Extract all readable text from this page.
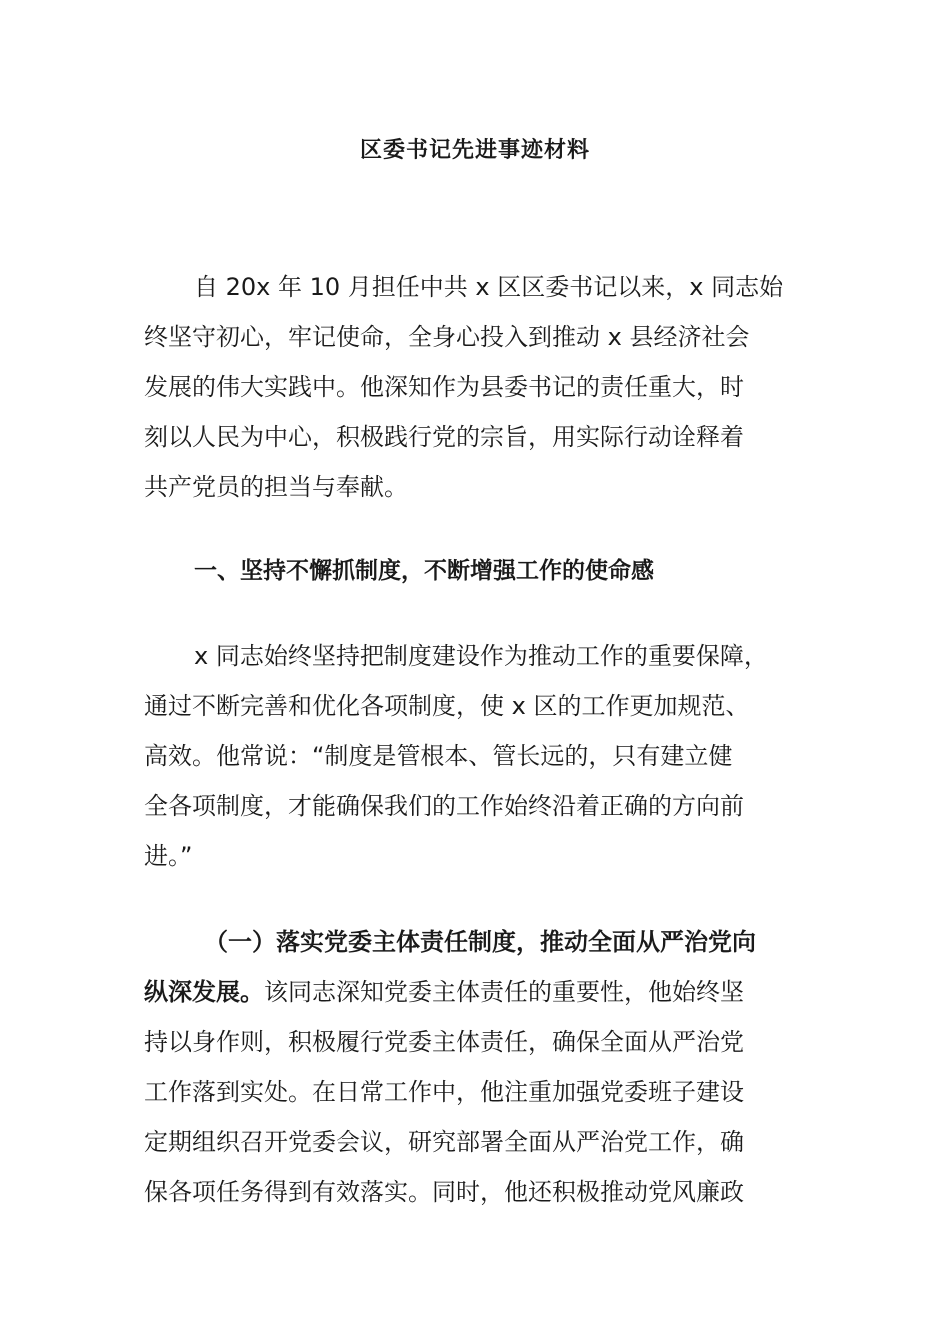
区委书记先进事迹材料
自 20x 年 10 月担任中共 x 区区委书记以来，x 同志始
终坚守初心，牢记使命，全身心投入到推动 x 县经济社会
发展的伟大实践中。他深知作为县委书记的责任重大，时
刻以人民为中心，积极践行党的宗旨，用实际行动诠释着
共产党员的担当与奉献。
一、坚持不懈抓制度，不断增强工作的使命感
x 同志始终坚持把制度建设作为推动工作的重要保障，
通过不断完善和优化各项制度，使 x 区的工作更加规范、
高效。他常说：“制度是管根本、管长远的，只有建立健
全各项制度，才能确保我们的工作始终沿着正确的方向前
进。”
（一）落实党委主体责任制度，推动全面从严治党向
纵深发展。该同志深知党委主体责任的重要性，他始终坚
持以身作则，积极履行党委主体责任，确保全面从严治党
工作落到实处。在日常工作中，他注重加强党委班子建设
定期组织召开党委会议，研究部署全面从严治党工作，确
保各项任务得到有效落实。同时，他还积极推动党风廉政
